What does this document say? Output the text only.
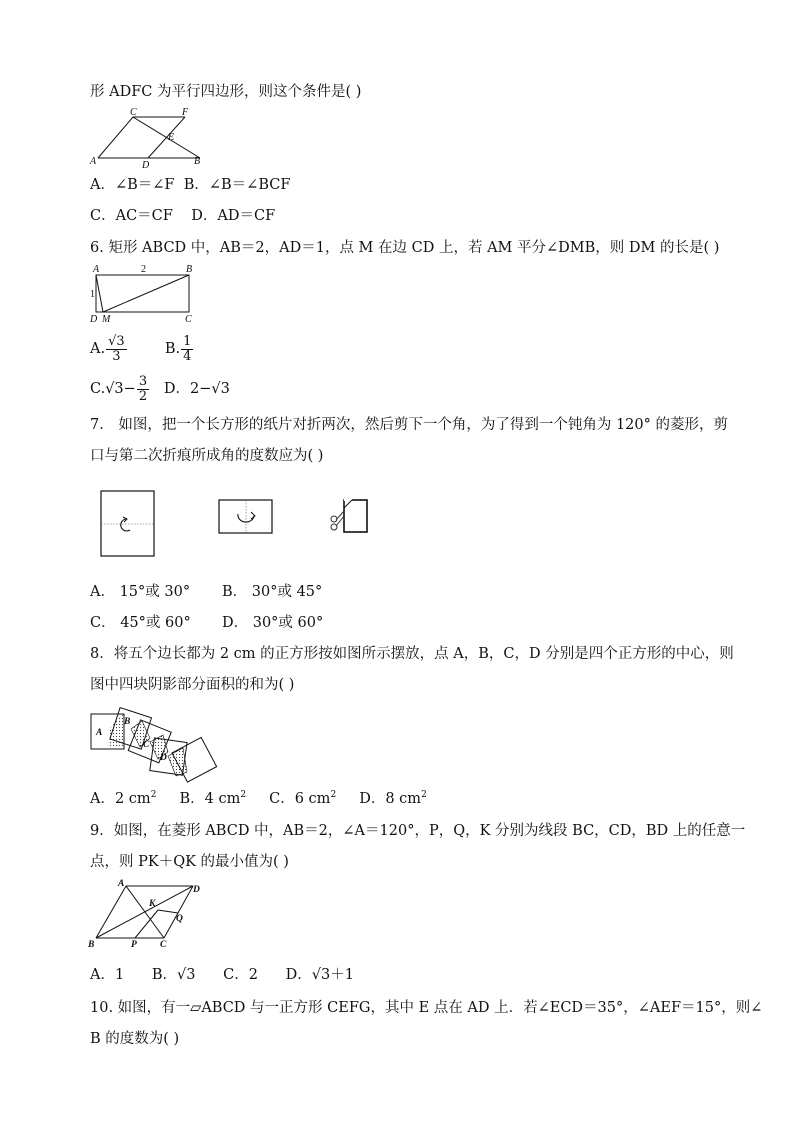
形 ADFC 为平行四边形，则这个条件是( )
A	B
C
D
E
F
A．∠B＝∠F B．∠B＝∠BCF
C．AC＝CF D．AD＝CF
6. 矩形 ABCD 中，AB＝2，AD＝1，点 M 在边 CD 上，若 AM 平分∠DMB，则 DM 的长是( )
A	B
C
D M
2
1
A. $\frac{√3}{3}$	B. $\frac{1}{4}$
$C.√3- \frac{3}{2}$ D．2−√3
7． 如图，把一个长方形的纸片对折两次，然后剪下一个角，为了得到一个钝角为 120° 的菱形，剪
口与第二次折痕所成角的度数应为( )
A． 15°或 30° B． 30°或 45°
C． 45°或 60° D． 30°或 60°
8．将五个边长都为 2 cm 的正方形按如图所示摆放，点 A，B，C，D 分别是四个正方形的中心，则
图中四块阴影部分面积的和为( )
A
B
C
D
A．2 $cm^2$ B．4 $cm^2$ C．6 $cm^2$ D．8 $cm^2$
9．如图，在菱形 ABCD 中，AB＝2，∠A＝120°，P，Q，K 分别为线段 BC，CD，BD 上的任意一
点，则 PK＋QK 的最小值为( )
A
B	C
D
K
P
Q
A．1 B．√3 C．2 D．√3＋1
10. 如图，有一▱ABCD 与一正方形 CEFG，其中 E 点在 AD 上．若∠ECD＝35°，∠AEF＝15°，则∠
B 的度数为( )
